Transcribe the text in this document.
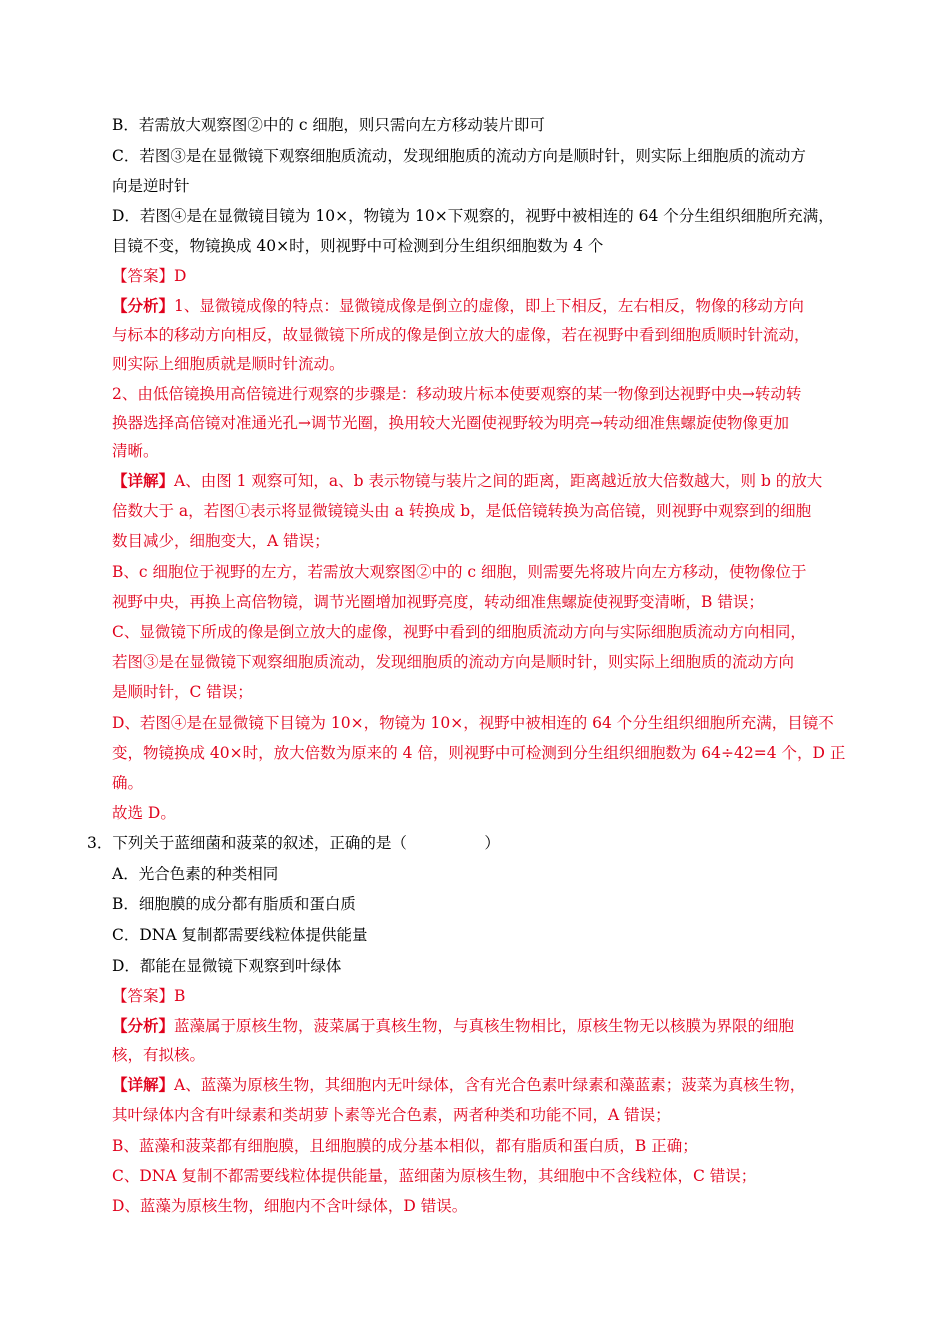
B．若需放大观察图②中的 c 细胞，则只需向左方移动装片即可
C．若图③是在显微镜下观察细胞质流动，发现细胞质的流动方向是顺时针，则实际上细胞质的流动方
向是逆时针
D．若图④是在显微镜目镜为 10×，物镜为 10×下观察的，视野中被相连的 64 个分生组织细胞所充满，
目镜不变，物镜换成 40×时，则视野中可检测到分生组织细胞数为 4 个
【答案】D
【分析】1、显微镜成像的特点：显微镜成像是倒立的虚像，即上下相反，左右相反，物像的移动方向
与标本的移动方向相反，故显微镜下所成的像是倒立放大的虚像，若在视野中看到细胞质顺时针流动，
则实际上细胞质就是顺时针流动。
2、由低倍镜换用高倍镜进行观察的步骤是：移动玻片标本使要观察的某一物像到达视野中央→转动转
换器选择高倍镜对准通光孔→调节光圈，换用较大光圈使视野较为明亮→转动细准焦螺旋使物像更加
清晰。
【详解】A、由图 1 观察可知，a、b 表示物镜与装片之间的距离，距离越近放大倍数越大，则 b 的放大
倍数大于 a，若图①表示将显微镜镜头由 a 转换成 b，是低倍镜转换为高倍镜，则视野中观察到的细胞
数目减少，细胞变大，A 错误；
B、c 细胞位于视野的左方，若需放大观察图②中的 c 细胞，则需要先将玻片向左方移动，使物像位于
视野中央，再换上高倍物镜，调节光圈增加视野亮度，转动细准焦螺旋使视野变清晰，B 错误；
C、显微镜下所成的像是倒立放大的虚像，视野中看到的细胞质流动方向与实际细胞质流动方向相同，
若图③是在显微镜下观察细胞质流动，发现细胞质的流动方向是顺时针，则实际上细胞质的流动方向
是顺时针，C 错误；
D、若图④是在显微镜下目镜为 10×，物镜为 10×，视野中被相连的 64 个分生组织细胞所充满，目镜不
变，物镜换成 40×时，放大倍数为原来的 4 倍，则视野中可检测到分生组织细胞数为 64÷42=4 个，D 正
确。
故选 D。
3．下列关于蓝细菌和菠菜的叙述，正确的是（　　　　　）
A．光合色素的种类相同
B．细胞膜的成分都有脂质和蛋白质
C．DNA 复制都需要线粒体提供能量
D．都能在显微镜下观察到叶绿体
【答案】B
【分析】蓝藻属于原核生物，菠菜属于真核生物，与真核生物相比，原核生物无以核膜为界限的细胞
核，有拟核。
【详解】A、蓝藻为原核生物，其细胞内无叶绿体，含有光合色素叶绿素和藻蓝素；菠菜为真核生物，
其叶绿体内含有叶绿素和类胡萝卜素等光合色素，两者种类和功能不同，A 错误；
B、蓝藻和菠菜都有细胞膜，且细胞膜的成分基本相似，都有脂质和蛋白质，B 正确；
C、DNA 复制不都需要线粒体提供能量，蓝细菌为原核生物，其细胞中不含线粒体，C 错误；
D、蓝藻为原核生物，细胞内不含叶绿体，D 错误。
